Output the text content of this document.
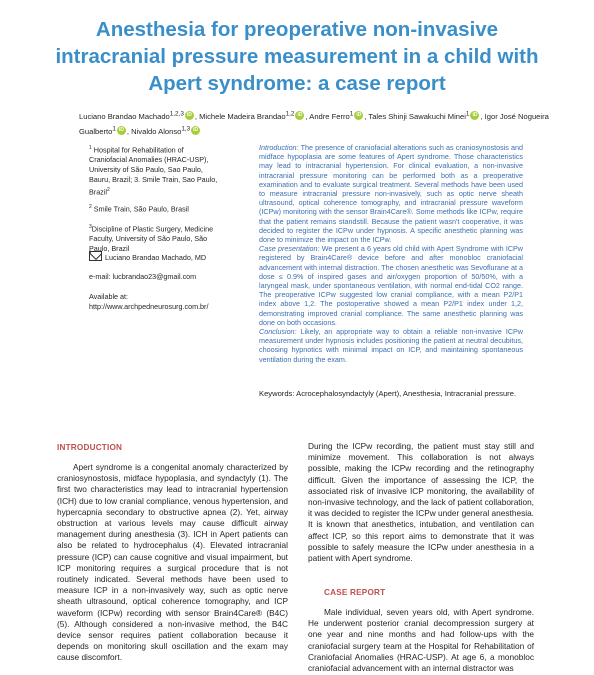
Anesthesia for preoperative non-invasive
intracranial pressure measurement in a child with
Apert syndrome: a case report
Luciano Brandao Machado$^{1,2,3}$ iD , Michele Madeira Brandao$^{1,2}$ iD , Andre Ferro$^1$ iD , Tales Shinji Sawakuchi Minei$^1$ iD , Igor José Nogueira Gualberto$^1$ iD , Nivaldo Alonso$^{1,3}$iD
$^1$ Hospital for Rehabilitation of Craniofacial Anomalies (HRAC-USP), University of São Paulo, Sao Paulo, Bauru, Brazil; 3. Smile Train, Sao Paulo, Brazil$^2$
$^2$ Smile Train, São Paulo, Brasil
$^3$Discipline of Plastic Surgery, Medicine Faculty, University of São Paulo, São Paulo, Brazil
Luciano Brandao Machado, MD
e-mail: lucbrandao23@gmail.com
Available at:
http://www.archpedneurosurg.com.br/

Introduction: The presence of craniofacial alterations such as craniosynostosis and midface hypoplasia are some features of Apert syndrome. Those characteristics may lead to intracranial hypertension. For clinical evaluation, a non-invasive intracranial pressure monitoring can be performed both as a preoperative examination and to evaluate surgical treatment. Several methods have been used to measure intracranial pressure non-invasively, such as optic nerve sheath ultrasound, optical coherence tomography, and intracranial pressure waveform (ICPw) monitoring with the sensor Brain4Care®. Some methods like ICPw, require that the patient remains standstill. Because the patient wasn't cooperative, it was decided to register the ICPw under hypnosis. A specific anesthetic planning was done to minimize the impact on the ICPw.

Case presentation: We present a 6 years old child with Apert Syndrome with ICPw registered by Brain4Care® device before and after monobloc craniofacial advancement with internal distraction. The chosen anesthetic was Sevoflurane at a dose ≤ 0.9% of inspired gases and air/oxygen proportion of 50/50%, with a laryngeal mask, under spontaneous ventilation, with normal end-tidal CO2 range. The preoperative ICPw suggested low cranial compliance, with a mean P2/P1 index above 1,2. The postoperative showed a mean P2/P1 index under 1,2, demonstrating improved cranial compliance. The same anesthetic planning was done on both occasions.

Conclusion: Likely, an appropriate way to obtain a reliable non-invasive ICPw measurement under hypnosis includes positioning the patient at neutral decubitus, choosing hypnotics with minimal impact on ICP, and maintaining spontaneous ventilation during the exam.

Keywords: Acrocephalosyndactyly (Apert), Anesthesia, Intracranial pressure.
INTRODUCTION

Apert syndrome is a congenital anomaly characterized by craniosynostosis, midface hypoplasia, and syndactyly (1). The first two characteristics may lead to intracranial hypertension (ICH) due to low cranial compliance, venous hypertension, and hypercapnia secondary to obstructive apnea (2). Yet, airway obstruction at various levels may cause difficult airway management during anesthesia (3). ICH in Apert patients can also be related to hydrocephalus (4). Elevated intracranial pressure (ICP) can cause cognitive and visual impairment, but ICP monitoring requires a surgical procedure that is not routinely indicated. Several methods have been used to measure ICP in a non-invasively way, such as optic nerve sheath ultrasound, optical coherence tomography, and ICP waveform (ICPw) recording with sensor Brain4Care® (B4C) (5). Although considered a non-invasive method, the B4C device sensor requires patient collaboration because it depends on monitoring skull oscillation and the exam may cause discomfort.

During the ICPw recording, the patient must stay still and minimize movement. This collaboration is not always possible, making the ICPw recording and the retinography difficult. Given the importance of assessing the ICP, the associated risk of invasive ICP monitoring, the availability of non-invasive technology, and the lack of patient collaboration, it was decided to register the ICPw under general anesthesia. It is known that anesthetics, intubation, and ventilation can affect ICP, so this report aims to demonstrate that it was possible to safely measure the ICPw under anesthesia in a patient with Apert syndrome.

CASE REPORT

Male individual, seven years old, with Apert syndrome. He underwent posterior cranial decompression surgery at one year and nine months and had follow-ups with the craniofacial surgery team at the Hospital for Rehabilitation of Craniofacial Anomalies (HRAC-USP). At age 6, a monobloc craniofacial advancement with an internal distractor was
